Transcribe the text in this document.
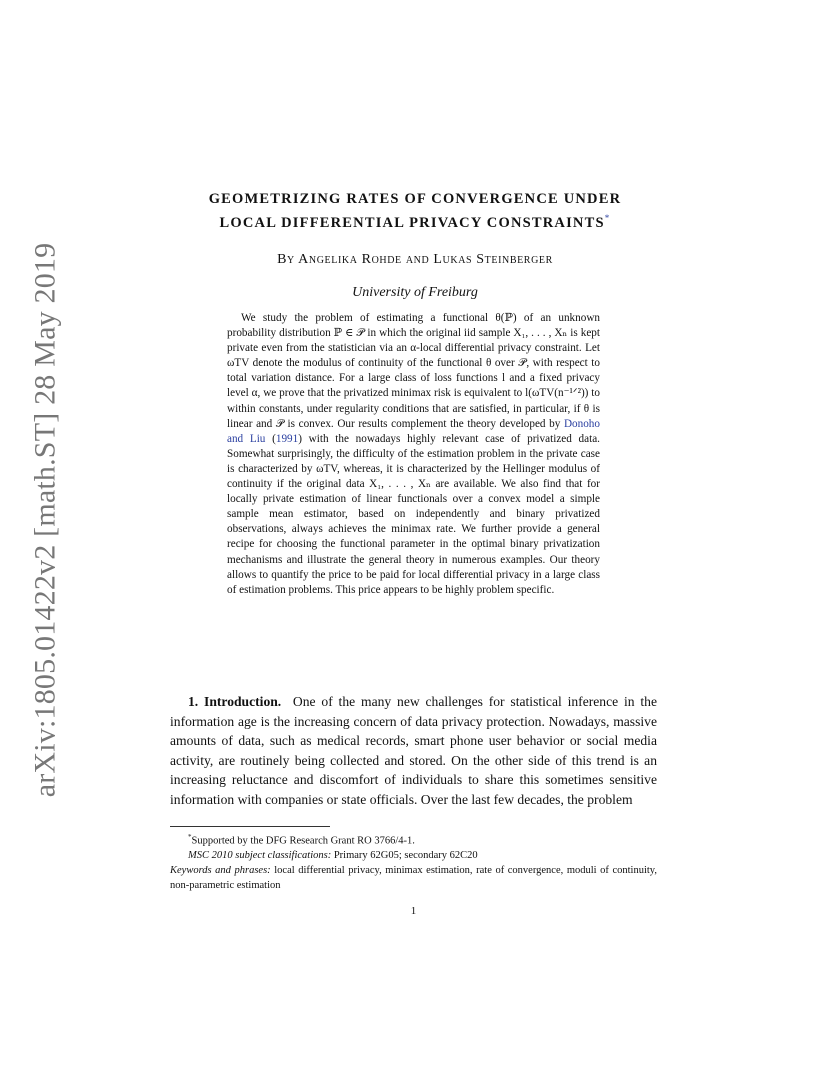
arXiv:1805.01422v2 [math.ST] 28 May 2019
GEOMETRIZING RATES OF CONVERGENCE UNDER
LOCAL DIFFERENTIAL PRIVACY CONSTRAINTS*
By Angelika Rohde and Lukas Steinberger
University of Freiburg
We study the problem of estimating a functional θ(ℙ) of an unknown probability distribution ℙ ∈ 𝒫 in which the original iid sample X₁, . . . , Xₙ is kept private even from the statistician via an α-local differential privacy constraint. Let ωTV denote the modulus of continuity of the functional θ over 𝒫, with respect to total variation distance. For a large class of loss functions l and a fixed privacy level α, we prove that the privatized minimax risk is equivalent to l(ωTV(n⁻¹ᐟ²)) to within constants, under regularity conditions that are satisfied, in particular, if θ is linear and 𝒫 is convex. Our results complement the theory developed by Donoho and Liu (1991) with the nowadays highly relevant case of privatized data. Somewhat surprisingly, the difficulty of the estimation problem in the private case is characterized by ωTV, whereas, it is characterized by the Hellinger modulus of continuity if the original data X₁, . . . , Xₙ are available. We also find that for locally private estimation of linear functionals over a convex model a simple sample mean estimator, based on independently and binary privatized observations, always achieves the minimax rate. We further provide a general recipe for choosing the functional parameter in the optimal binary privatization mechanisms and illustrate the general theory in numerous examples. Our theory allows to quantify the price to be paid for local differential privacy in a large class of estimation problems. This price appears to be highly problem specific.
1. Introduction. One of the many new challenges for statistical inference in the information age is the increasing concern of data privacy protection. Nowadays, massive amounts of data, such as medical records, smart phone user behavior or social media activity, are routinely being collected and stored. On the other side of this trend is an increasing reluctance and discomfort of individuals to share this sometimes sensitive information with companies or state officials. Over the last few decades, the problem

*Supported by the DFG Research Grant RO 3766/4-1.

MSC 2010 subject classifications: Primary 62G05; secondary 62C20

Keywords and phrases: local differential privacy, minimax estimation, rate of convergence, moduli of continuity, non-parametric estimation

1
